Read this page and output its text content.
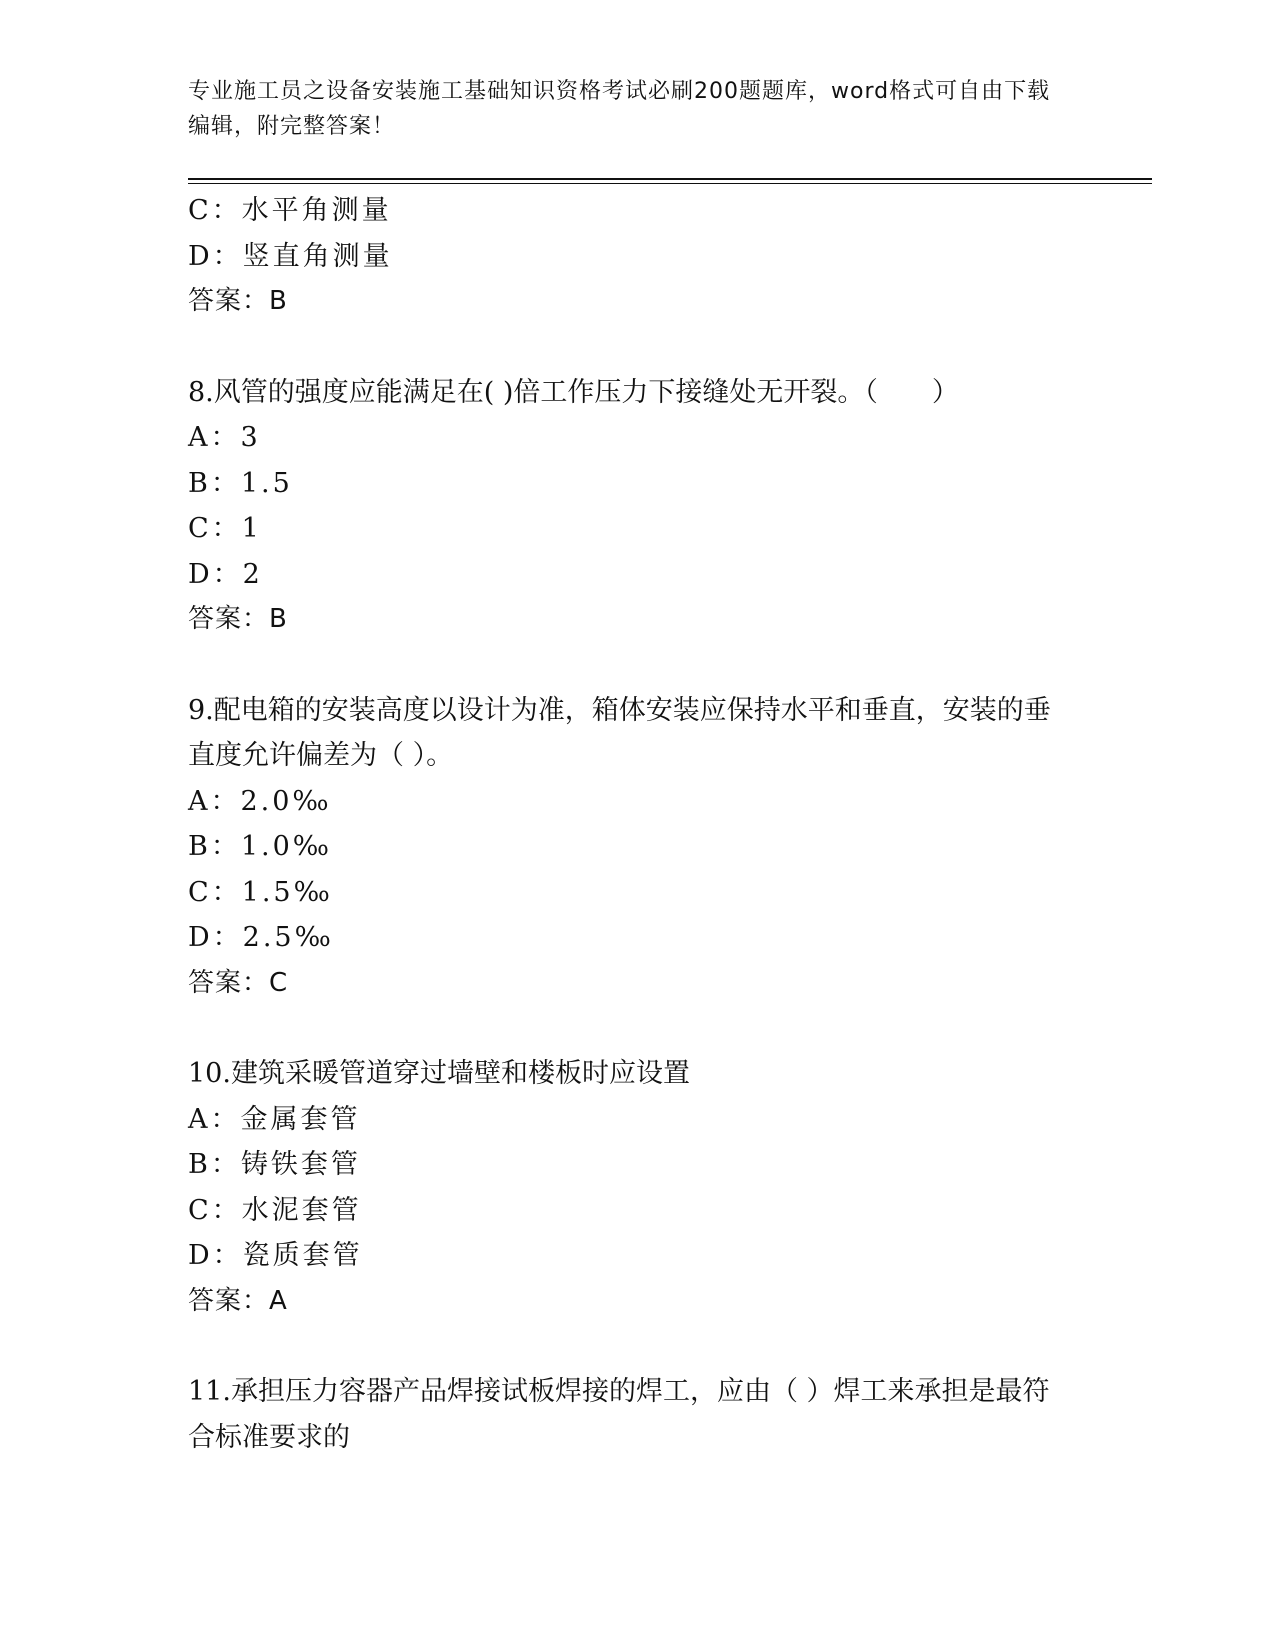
专业施工员之设备安装施工基础知识资格考试必刷200题题库，word格式可自由下载编辑，附完整答案！
C：水平角测量
D：竖直角测量
答案：B
8.风管的强度应能满足在( )倍工作压力下接缝处无开裂。（　　）
A：3
B：1.5
C：1
D：2
答案：B
9.配电箱的安装高度以设计为准，箱体安装应保持水平和垂直，安装的垂直度允许偏差为（ ）。
A：2.0‰
B：1.0‰
C：1.5‰
D：2.5‰
答案：C
10.建筑采暖管道穿过墙壁和楼板时应设置
A：金属套管
B：铸铁套管
C：水泥套管
D：瓷质套管
答案：A
11.承担压力容器产品焊接试板焊接的焊工，应由（ ）焊工来承担是最符合标准要求的
